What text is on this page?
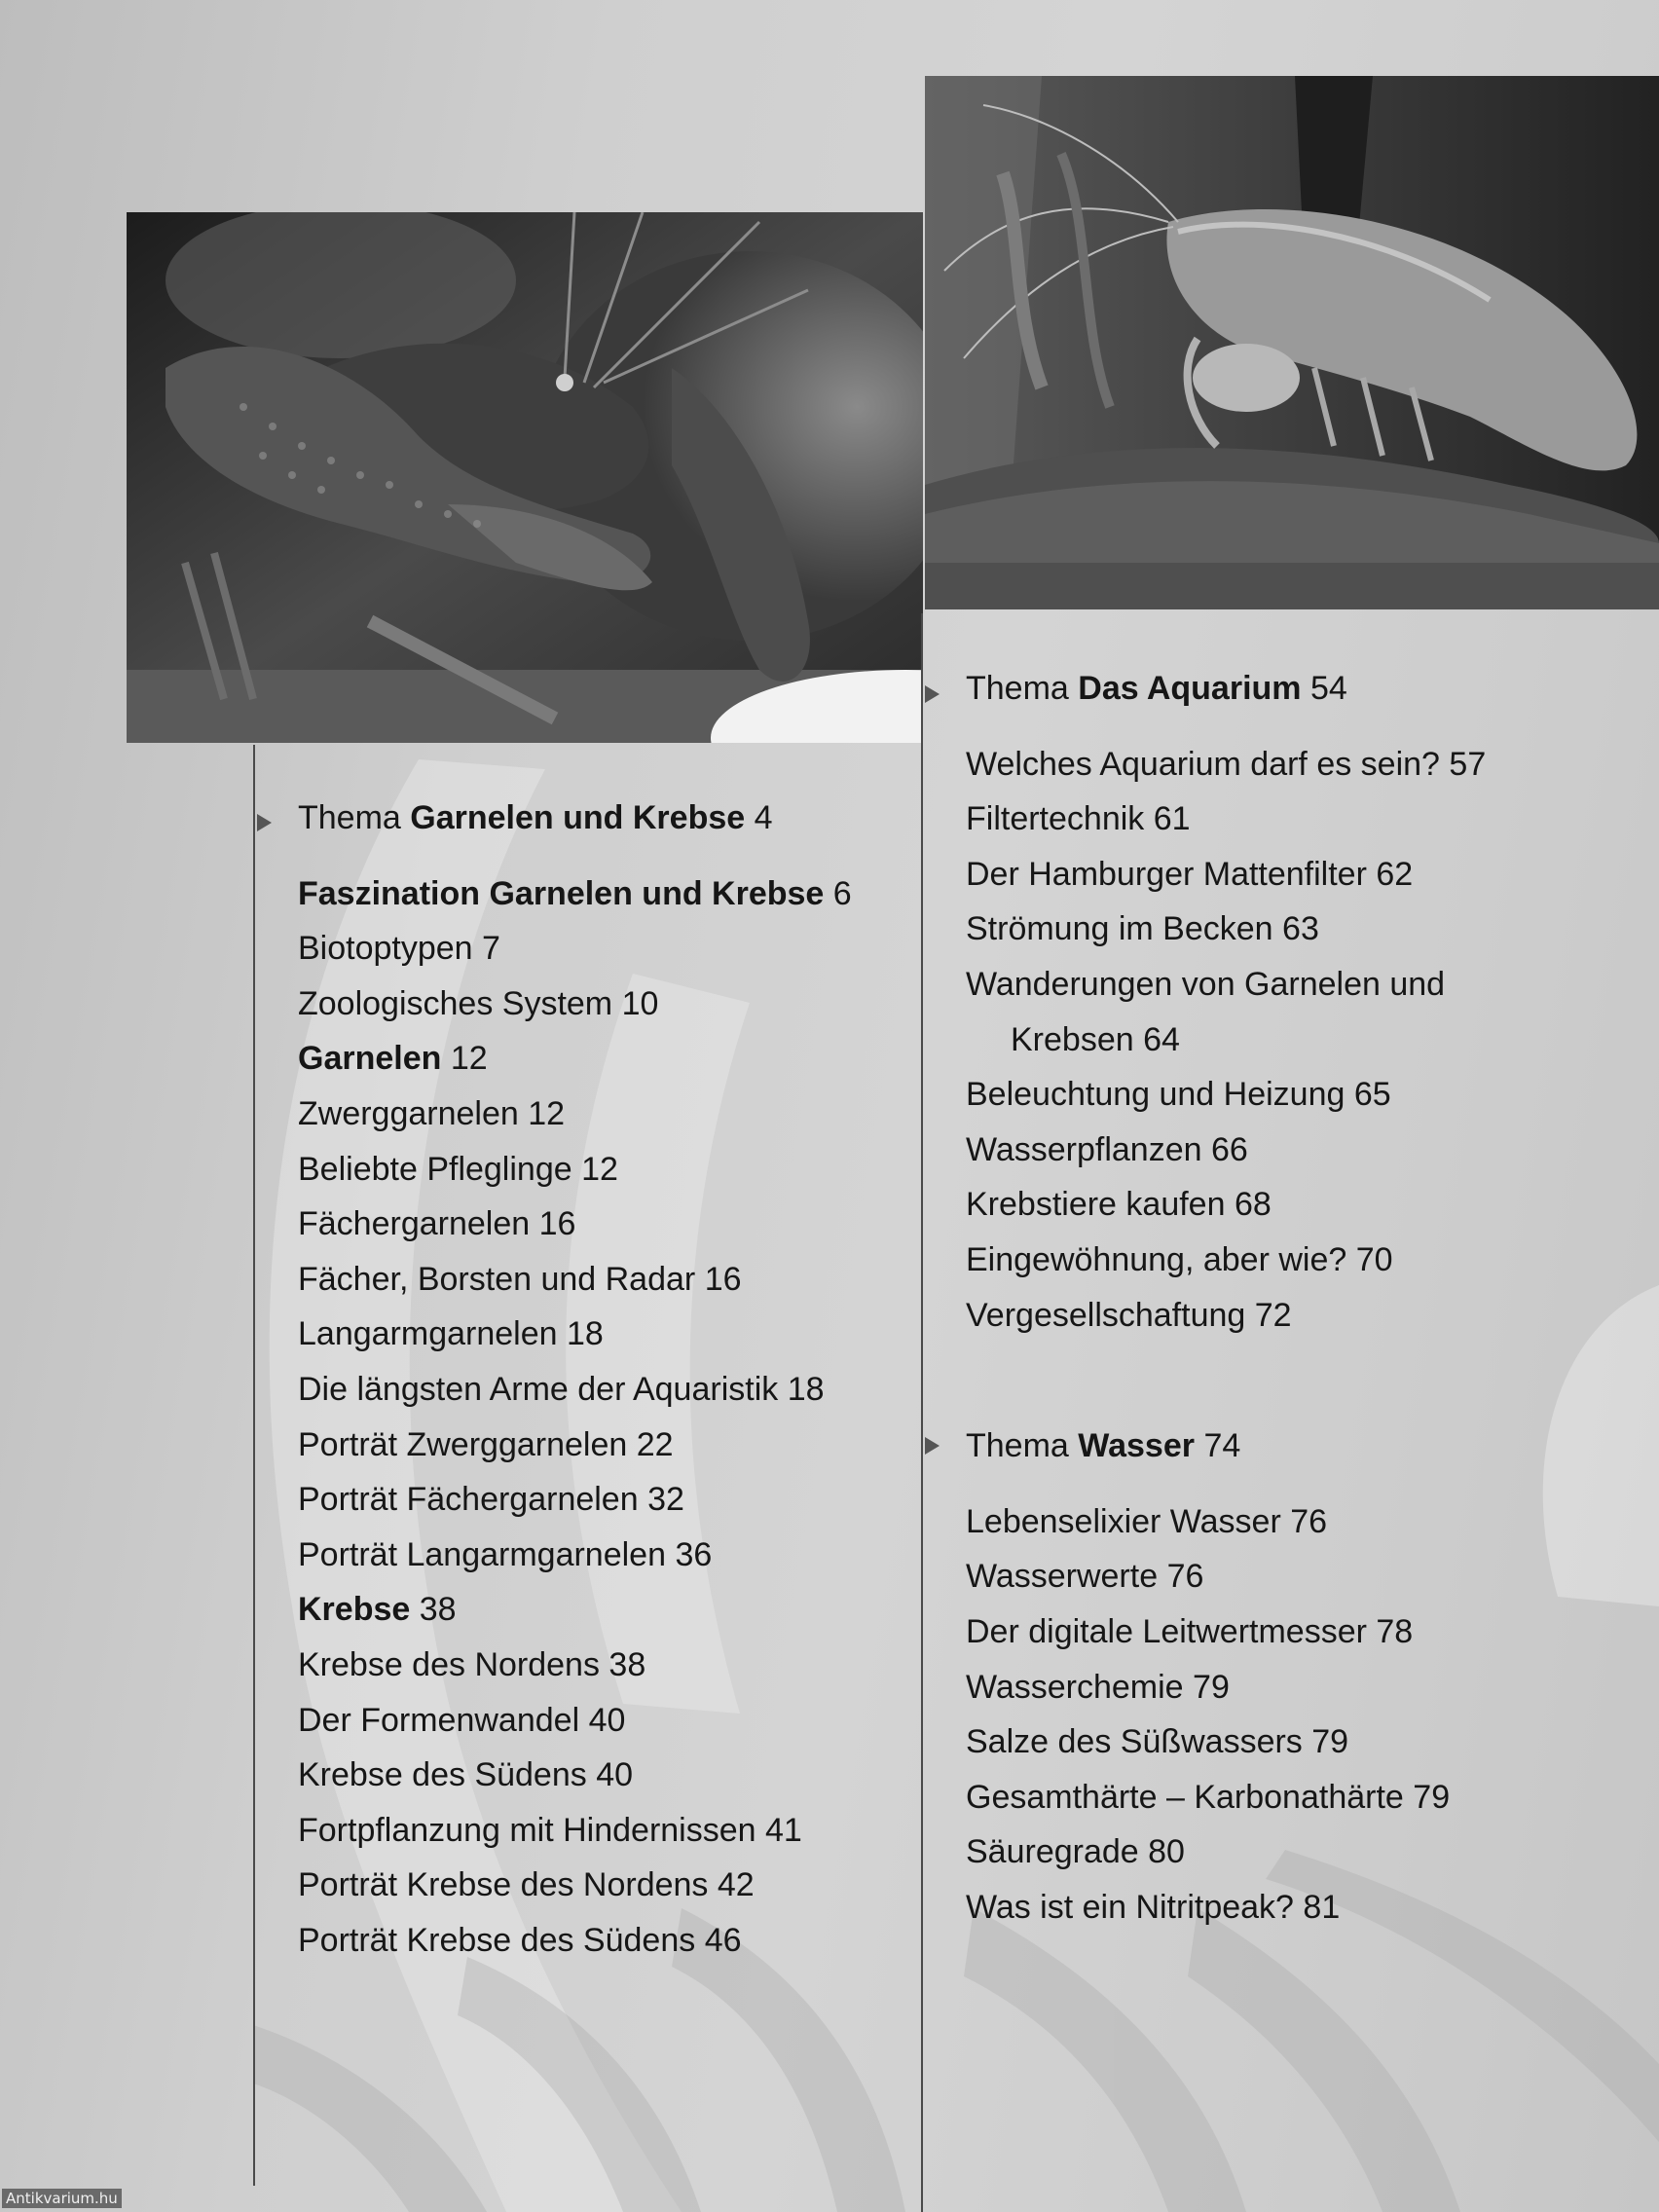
Thema Garnelen und Krebse 4
Faszination Garnelen und Krebse 6
Biotoptypen 7
Zoologisches System 10
Garnelen 12
Zwerggarnelen 12
Beliebte Pfleglinge 12
Fächergarnelen 16
Fächer, Borsten und Radar 16
Langarmgarnelen 18
Die längsten Arme der Aquaristik 18
Porträt Zwerggarnelen 22
Porträt Fächergarnelen 32
Porträt Langarmgarnelen 36
Krebse 38
Krebse des Nordens 38
Der Formenwandel 40
Krebse des Südens 40
Fortpflanzung mit Hindernissen 41
Porträt Krebse des Nordens 42
Porträt Krebse des Südens 46
Thema Das Aquarium 54
Welches Aquarium darf es sein? 57
Filtertechnik 61
Der Hamburger Mattenfilter 62
Strömung im Becken 63
Wanderungen von Garnelen und
Krebsen 64
Beleuchtung und Heizung 65
Wasserpflanzen 66
Krebstiere kaufen 68
Eingewöhnung, aber wie? 70
Vergesellschaftung 72
Thema Wasser 74
Lebenselixier Wasser 76
Wasserwerte 76
Der digitale Leitwertmesser 78
Wasserchemie 79
Salze des Süßwassers 79
Gesamthärte – Karbonathärte 79
Säuregrade 80
Was ist ein Nitritpeak? 81
Antikvarium.hu
